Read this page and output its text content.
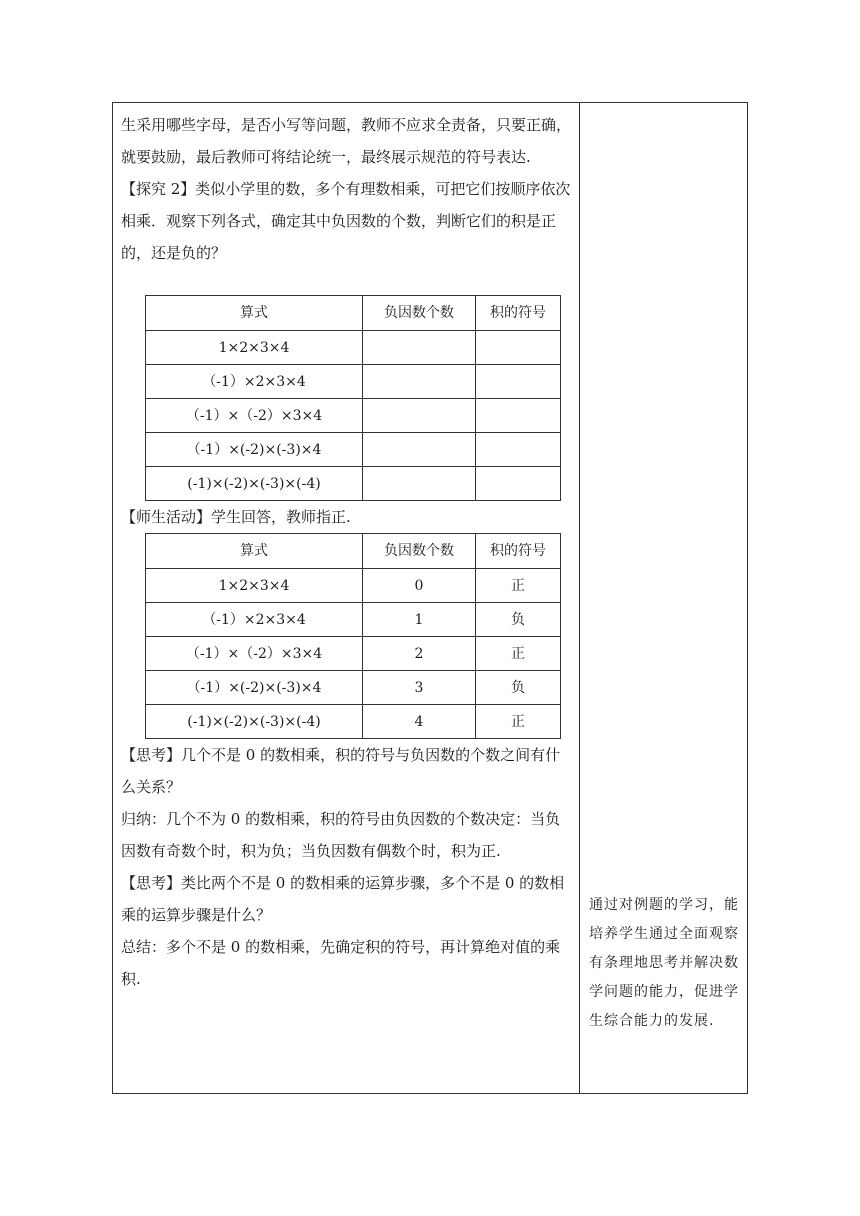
生采用哪些字母，是否小写等问题，教师不应求全责备，只要正确，就要鼓励，最后教师可将结论统一，最终展示规范的符号表达.

【探究 2】类似小学里的数，多个有理数相乘，可把它们按顺序依次相乘．观察下列各式，确定其中负因数的个数，判断它们的积是正的，还是负的？

算式	负因数个数	积的符号
1×2×3×4		
（-1）×2×3×4		
（-1）×（-2）×3×4		
（-1）×(-2)×(-3)×4		
(-1)×(-2)×(-3)×(-4)		

【师生活动】学生回答，教师指正.

算式	负因数个数	积的符号
1×2×3×4	0	正
（-1）×2×3×4	1	负
（-1）×（-2）×3×4	2	正
（-1）×(-2)×(-3)×4	3	负
(-1)×(-2)×(-3)×(-4)	4	正

【思考】几个不是 0 的数相乘，积的符号与负因数的个数之间有什么关系？

归纳：几个不为 0 的数相乘，积的符号由负因数的个数决定：当负因数有奇数个时，积为负；当负因数有偶数个时，积为正.

【思考】类比两个不是 0 的数相乘的运算步骤，多个不是 0 的数相乘的运算步骤是什么？

总结：多个不是 0 的数相乘，先确定积的符号，再计算绝对值的乘积.

通过对例题的学习，能培养学生通过全面观察有条理地思考并解决数学问题的能力，促进学生综合能力的发展.
